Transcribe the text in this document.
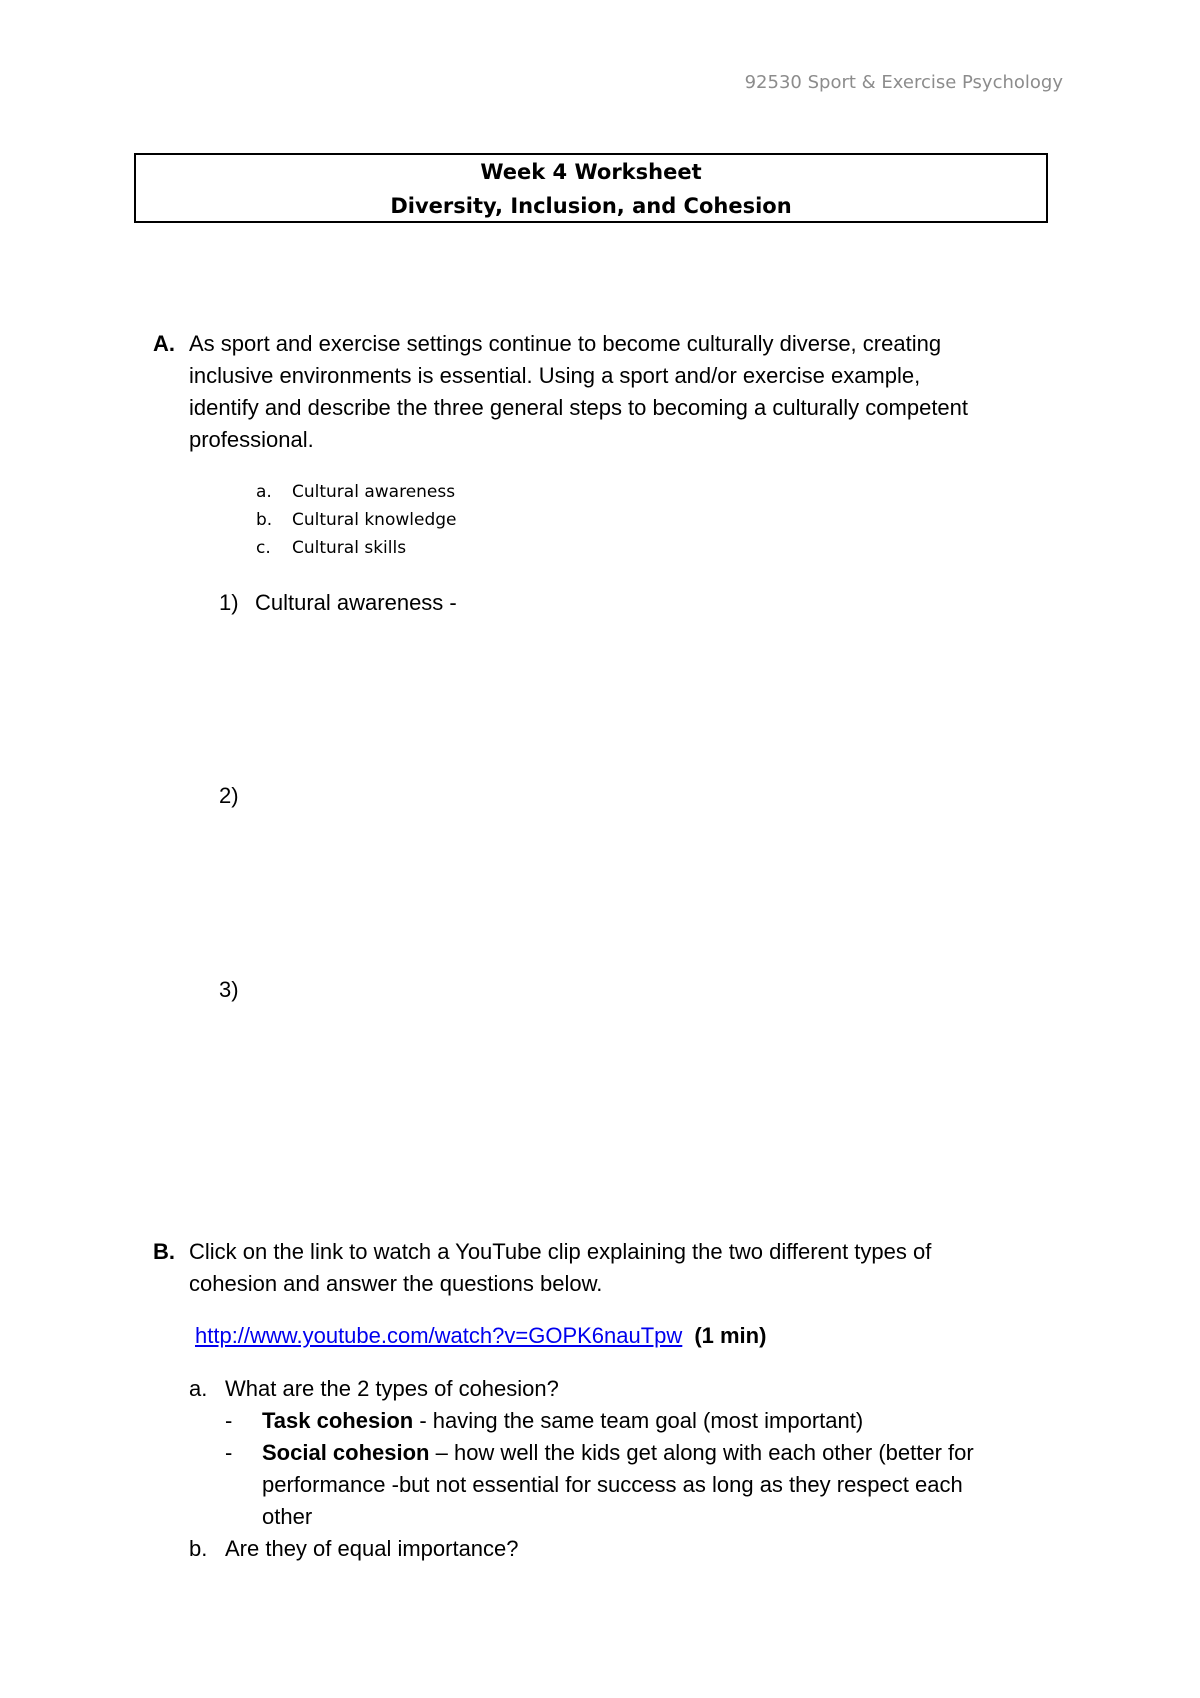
92530 Sport & Exercise Psychology
Week 4 Worksheet
Diversity, Inclusion, and Cohesion
A. As sport and exercise settings continue to become culturally diverse, creating
inclusive environments is essential. Using a sport and/or exercise example,
identify and describe the three general steps to becoming a culturally competent
professional.
a. Cultural awareness
b. Cultural knowledge
c. Cultural skills
1) Cultural awareness -
2)
3)
B. Click on the link to watch a YouTube clip explaining the two different types of
cohesion and answer the questions below.
http://www.youtube.com/watch?v=GOPK6nauTpw (1 min)
a. What are the 2 types of cohesion?
- Task cohesion - having the same team goal (most important)
- Social cohesion – how well the kids get along with each other (better for
performance -but not essential for success as long as they respect each
other
b. Are they of equal importance?
